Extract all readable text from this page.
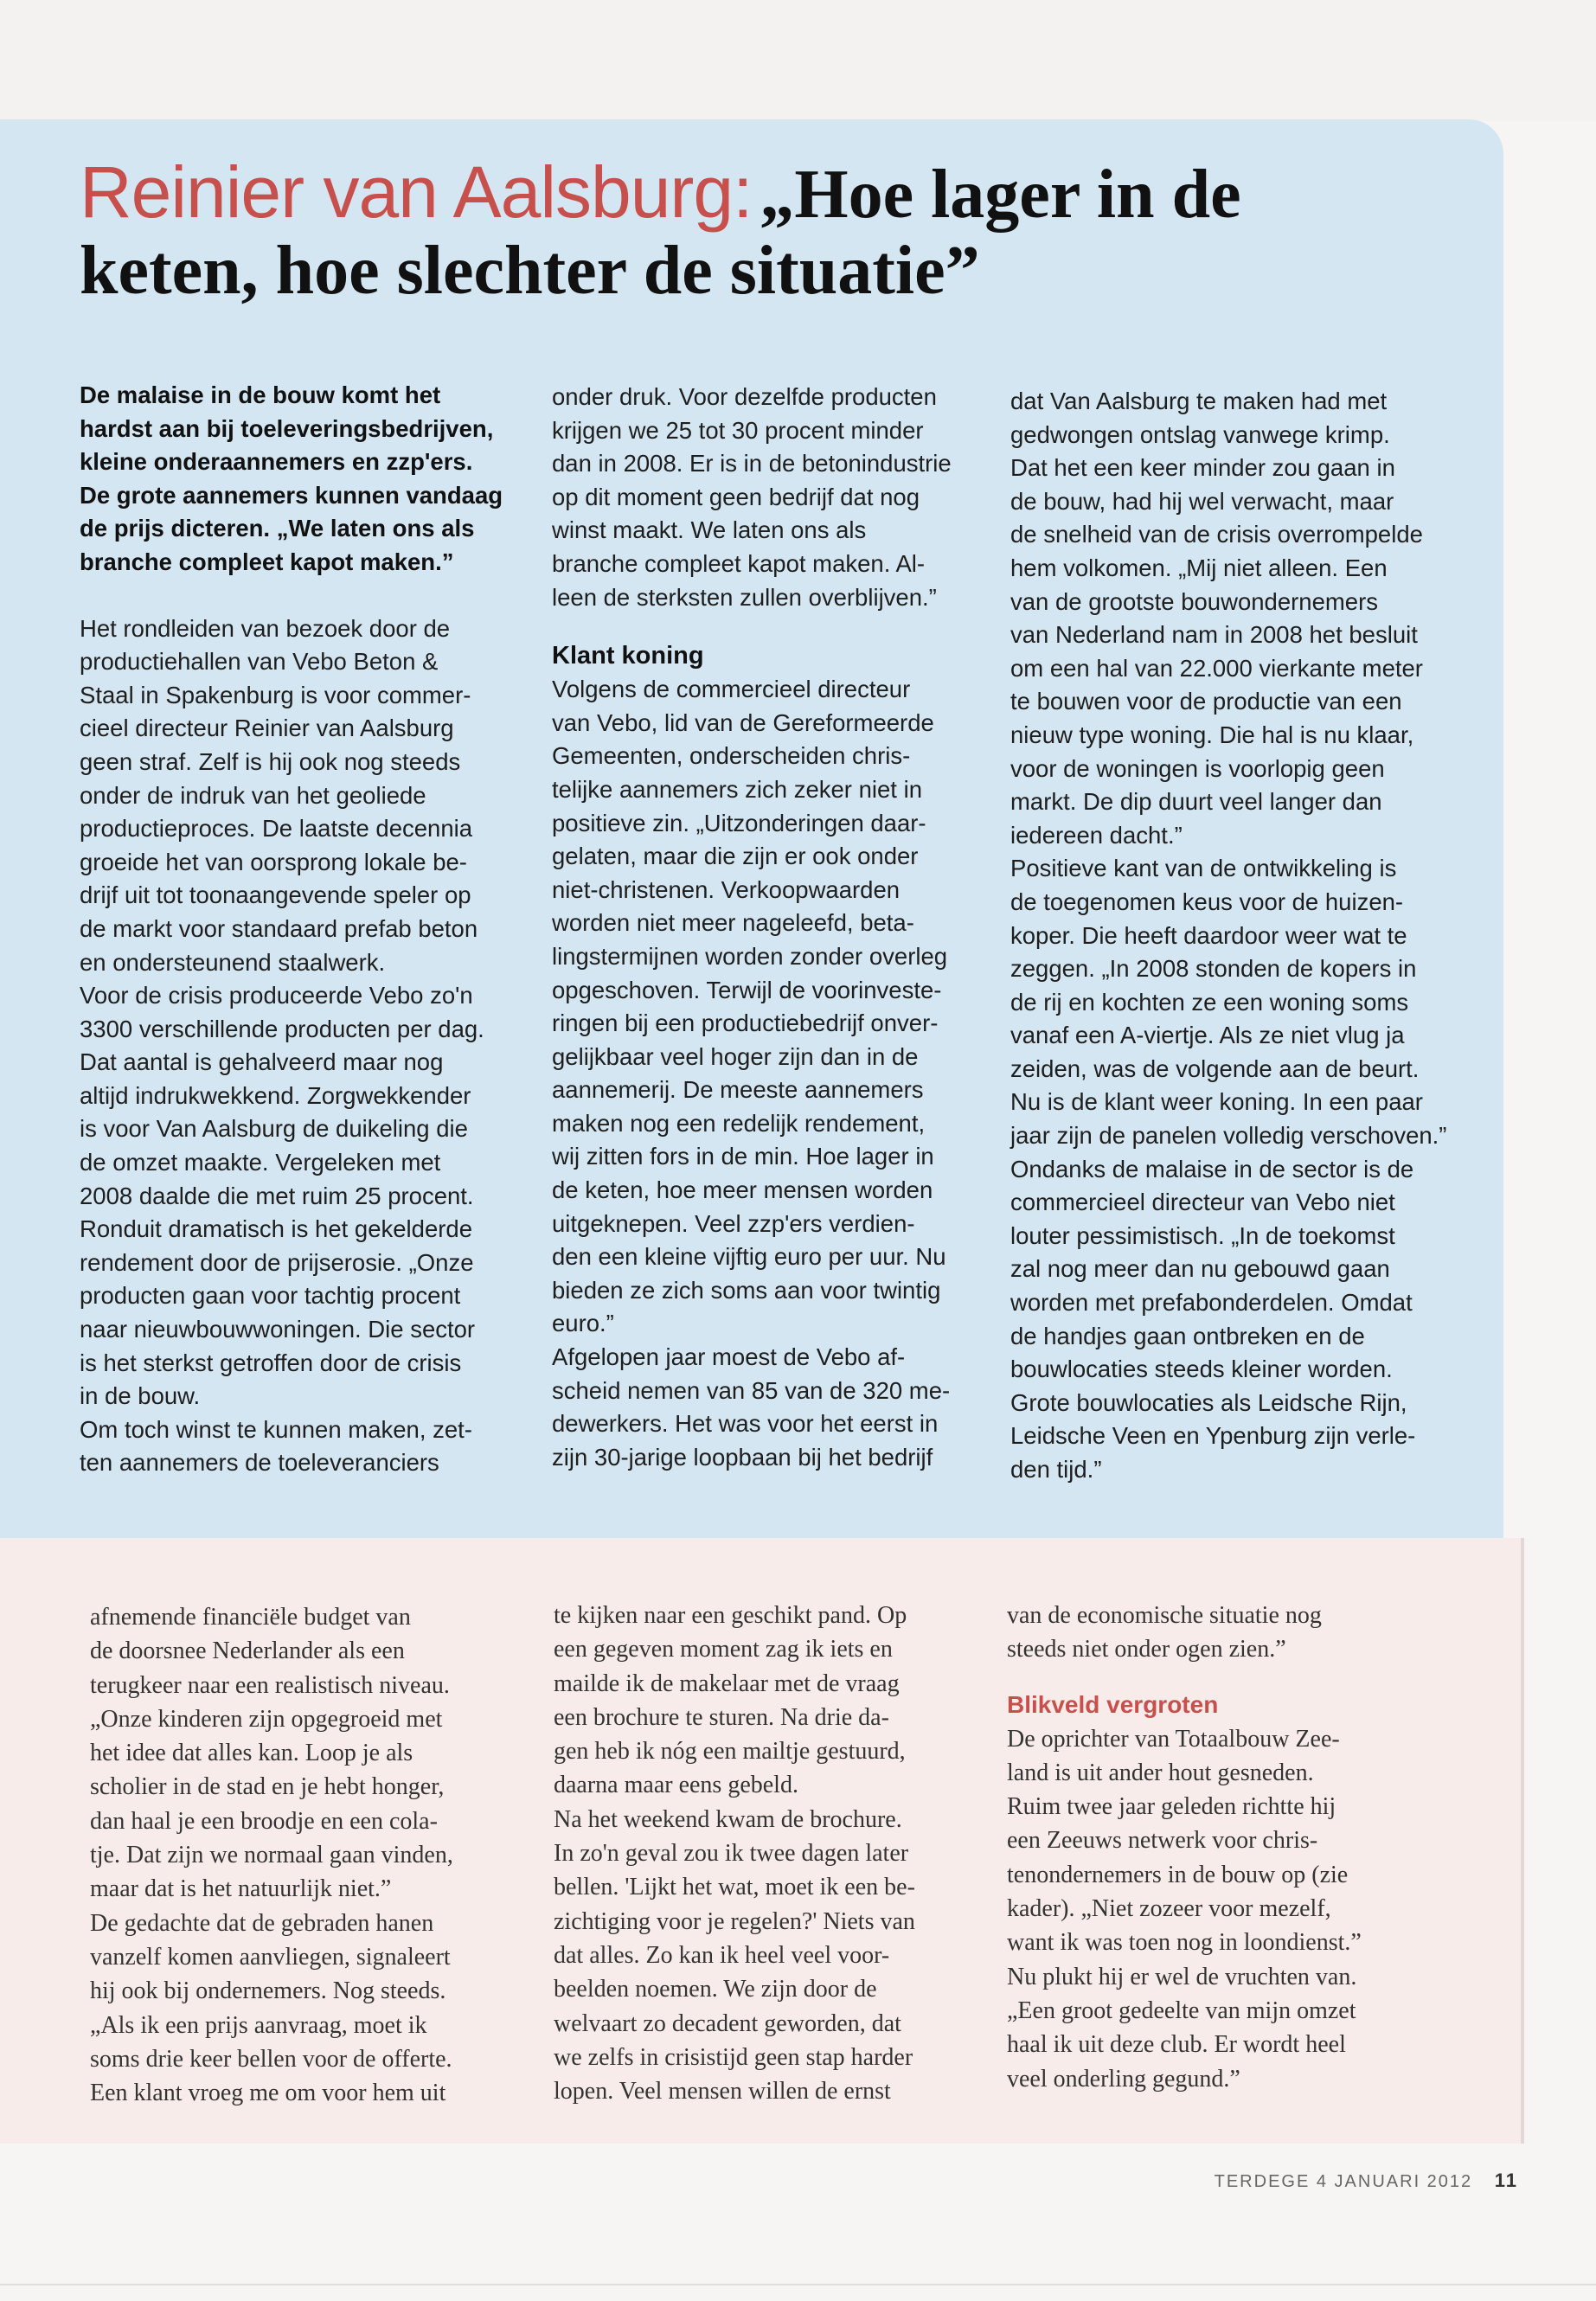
Reinier van Aalsburg: „Hoe lager in de
keten, hoe slechter de situatie”
De malaise in de bouw komt het
hardst aan bij toeleveringsbedrijven,
kleine onderaannemers en zzp'ers.
De grote aannemers kunnen vandaag
de prijs dicteren. „We laten ons als
branche compleet kapot maken.”
Het rondleiden van bezoek door de
productiehallen van Vebo Beton &
Staal in Spakenburg is voor commer-
cieel directeur Reinier van Aalsburg
geen straf. Zelf is hij ook nog steeds
onder de indruk van het geoliede
productieproces. De laatste decennia
groeide het van oorsprong lokale be-
drijf uit tot toonaangevende speler op
de markt voor standaard prefab beton
en ondersteunend staalwerk.
Voor de crisis produceerde Vebo zo'n
3300 verschillende producten per dag.
Dat aantal is gehalveerd maar nog
altijd indrukwekkend. Zorgwekkender
is voor Van Aalsburg de duikeling die
de omzet maakte. Vergeleken met
2008 daalde die met ruim 25 procent.
Ronduit dramatisch is het gekelderde
rendement door de prijserosie. „Onze
producten gaan voor tachtig procent
naar nieuwbouwwoningen. Die sector
is het sterkst getroffen door de crisis
in de bouw.
Om toch winst te kunnen maken, zet-
ten aannemers de toeleveranciers
onder druk. Voor dezelfde producten
krijgen we 25 tot 30 procent minder
dan in 2008. Er is in de betonindustrie
op dit moment geen bedrijf dat nog
winst maakt. We laten ons als
branche compleet kapot maken. Al-
leen de sterksten zullen overblijven.”

Klant koning

Volgens de commercieel directeur
van Vebo, lid van de Gereformeerde
Gemeenten, onderscheiden chris-
telijke aannemers zich zeker niet in
positieve zin. „Uitzonderingen daar-
gelaten, maar die zijn er ook onder
niet-christenen. Verkoopwaarden
worden niet meer nageleefd, beta-
lingstermijnen worden zonder overleg
opgeschoven. Terwijl de voorinveste-
ringen bij een productiebedrijf onver-
gelijkbaar veel hoger zijn dan in de
aannemerij. De meeste aannemers
maken nog een redelijk rendement,
wij zitten fors in de min. Hoe lager in
de keten, hoe meer mensen worden
uitgeknepen. Veel zzp'ers verdien-
den een kleine vijftig euro per uur. Nu
bieden ze zich soms aan voor twintig
euro.”
Afgelopen jaar moest de Vebo af-
scheid nemen van 85 van de 320 me-
dewerkers. Het was voor het eerst in
zijn 30-jarige loopbaan bij het bedrijf
dat Van Aalsburg te maken had met
gedwongen ontslag vanwege krimp.
Dat het een keer minder zou gaan in
de bouw, had hij wel verwacht, maar
de snelheid van de crisis overrompelde
hem volkomen. „Mij niet alleen. Een
van de grootste bouwondernemers
van Nederland nam in 2008 het besluit
om een hal van 22.000 vierkante meter
te bouwen voor de productie van een
nieuw type woning. Die hal is nu klaar,
voor de woningen is voorlopig geen
markt. De dip duurt veel langer dan
iedereen dacht.”
Positieve kant van de ontwikkeling is
de toegenomen keus voor de huizen-
koper. Die heeft daardoor weer wat te
zeggen. „In 2008 stonden de kopers in
de rij en kochten ze een woning soms
vanaf een A-viertje. Als ze niet vlug ja
zeiden, was de volgende aan de beurt.
Nu is de klant weer koning. In een paar
jaar zijn de panelen volledig verschoven.”
Ondanks de malaise in de sector is de
commercieel directeur van Vebo niet
louter pessimistisch. „In de toekomst
zal nog meer dan nu gebouwd gaan
worden met prefabonderdelen. Omdat
de handjes gaan ontbreken en de
bouwlocaties steeds kleiner worden.
Grote bouwlocaties als Leidsche Rijn,
Leidsche Veen en Ypenburg zijn verle-
den tijd.”
afnemende financiële budget van
de doorsnee Nederlander als een
terugkeer naar een realistisch niveau.
„Onze kinderen zijn opgegroeid met
het idee dat alles kan. Loop je als
scholier in de stad en je hebt honger,
dan haal je een broodje en een cola-
tje. Dat zijn we normaal gaan vinden,
maar dat is het natuurlijk niet.”
De gedachte dat de gebraden hanen
vanzelf komen aanvliegen, signaleert
hij ook bij ondernemers. Nog steeds.
„Als ik een prijs aanvraag, moet ik
soms drie keer bellen voor de offerte.
Een klant vroeg me om voor hem uit
te kijken naar een geschikt pand. Op
een gegeven moment zag ik iets en
mailde ik de makelaar met de vraag
een brochure te sturen. Na drie da-
gen heb ik nóg een mailtje gestuurd,
daarna maar eens gebeld.
Na het weekend kwam de brochure.
In zo'n geval zou ik twee dagen later
bellen. 'Lijkt het wat, moet ik een be-
zichtiging voor je regelen?' Niets van
dat alles. Zo kan ik heel veel voor-
beelden noemen. We zijn door de
welvaart zo decadent geworden, dat
we zelfs in crisistijd geen stap harder
lopen. Veel mensen willen de ernst
van de economische situatie nog
steeds niet onder ogen zien.”

Blikveld vergroten

De oprichter van Totaalbouw Zee-
land is uit ander hout gesneden.
Ruim twee jaar geleden richtte hij
een Zeeuws netwerk voor chris-
tenondernemers in de bouw op (zie
kader). „Niet zozeer voor mezelf,
want ik was toen nog in loondienst.”
Nu plukt hij er wel de vruchten van.
„Een groot gedeelte van mijn omzet
haal ik uit deze club. Er wordt heel
veel onderling gegund.”
TERDEGE 4 JANUARI 2012 11
